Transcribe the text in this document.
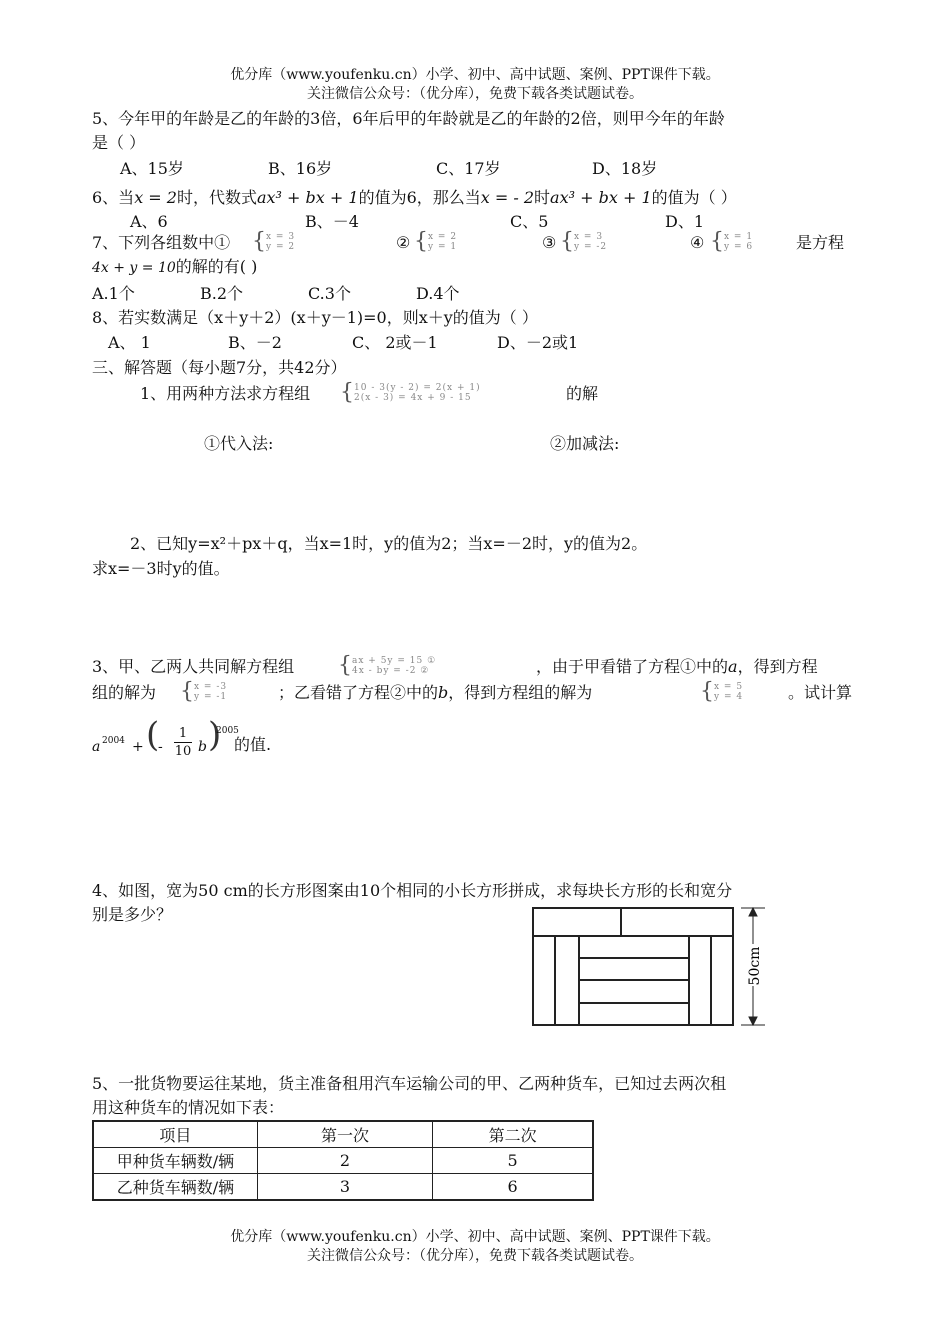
优分库（www.youfenku.cn）小学、初中、高中试题、案例、PPT课件下载。
关注微信公众号：（优分库），免费下载各类试题试卷。
5、今年甲的年龄是乙的年龄的3倍，6年后甲的年龄就是乙的年龄的2倍，则甲今年的年龄
是（ ）
A、15岁	B、16岁	C、17岁	D、18岁
6、当x = 2时，代数式ax³ + bx + 1的值为6，那么当x = - 2时ax³ + bx + 1的值为（ ）
A、6	B、－4	C、5	D、1
7、下列各组数中① {x = 3
y = 2	② {x = 2
y = 1	③ {x = 3
y = -2	④ {x = 1
y = 6	是方程
4x + y = 10的解的有( )
A.1个	B.2个	C.3个	D.4个
8、若实数满足（x＋y＋2）(x＋y－1)=0，则x＋y的值为（ ）
A、 1	B、－2	C、 2或－1	D、－2或1
三、解答题（每小题7分，共42分）
1、用两种方法求方程组 {10 - 3(y - 2) = 2(x + 1)
2(x - 3) = 4x + 9 - 15	的解
①代入法:	②加减法:
2、已知y=x²＋px＋q，当x=1时，y的值为2；当x=－2时，y的值为2。
求x=－3时y的值。
3、甲、乙两人共同解方程组 {ax + 5y = 15 ①
4x - by = -2 ②	，由于甲看错了方程①中的a，得到方程
组的解为 {x = -3
y = -1	；乙看错了方程②中的b，得到方程组的解为	{x = 5
y = 4	。试计算
a 2004 + (
-
1
10 b )
2005
的值.
4、如图，宽为50 cm的长方形图案由10个相同的小长方形拼成，求每块长方形的长和宽分
别是多少？
50cm
5、一批货物要运往某地，货主准备租用汽车运输公司的甲、乙两种货车，已知过去两次租
用这种货车的情况如下表：
项目	第一次	第二次
甲种货车辆数/辆	2	5
乙种货车辆数/辆	3	6
优分库（www.youfenku.cn）小学、初中、高中试题、案例、PPT课件下载。
关注微信公众号：（优分库），免费下载各类试题试卷。
